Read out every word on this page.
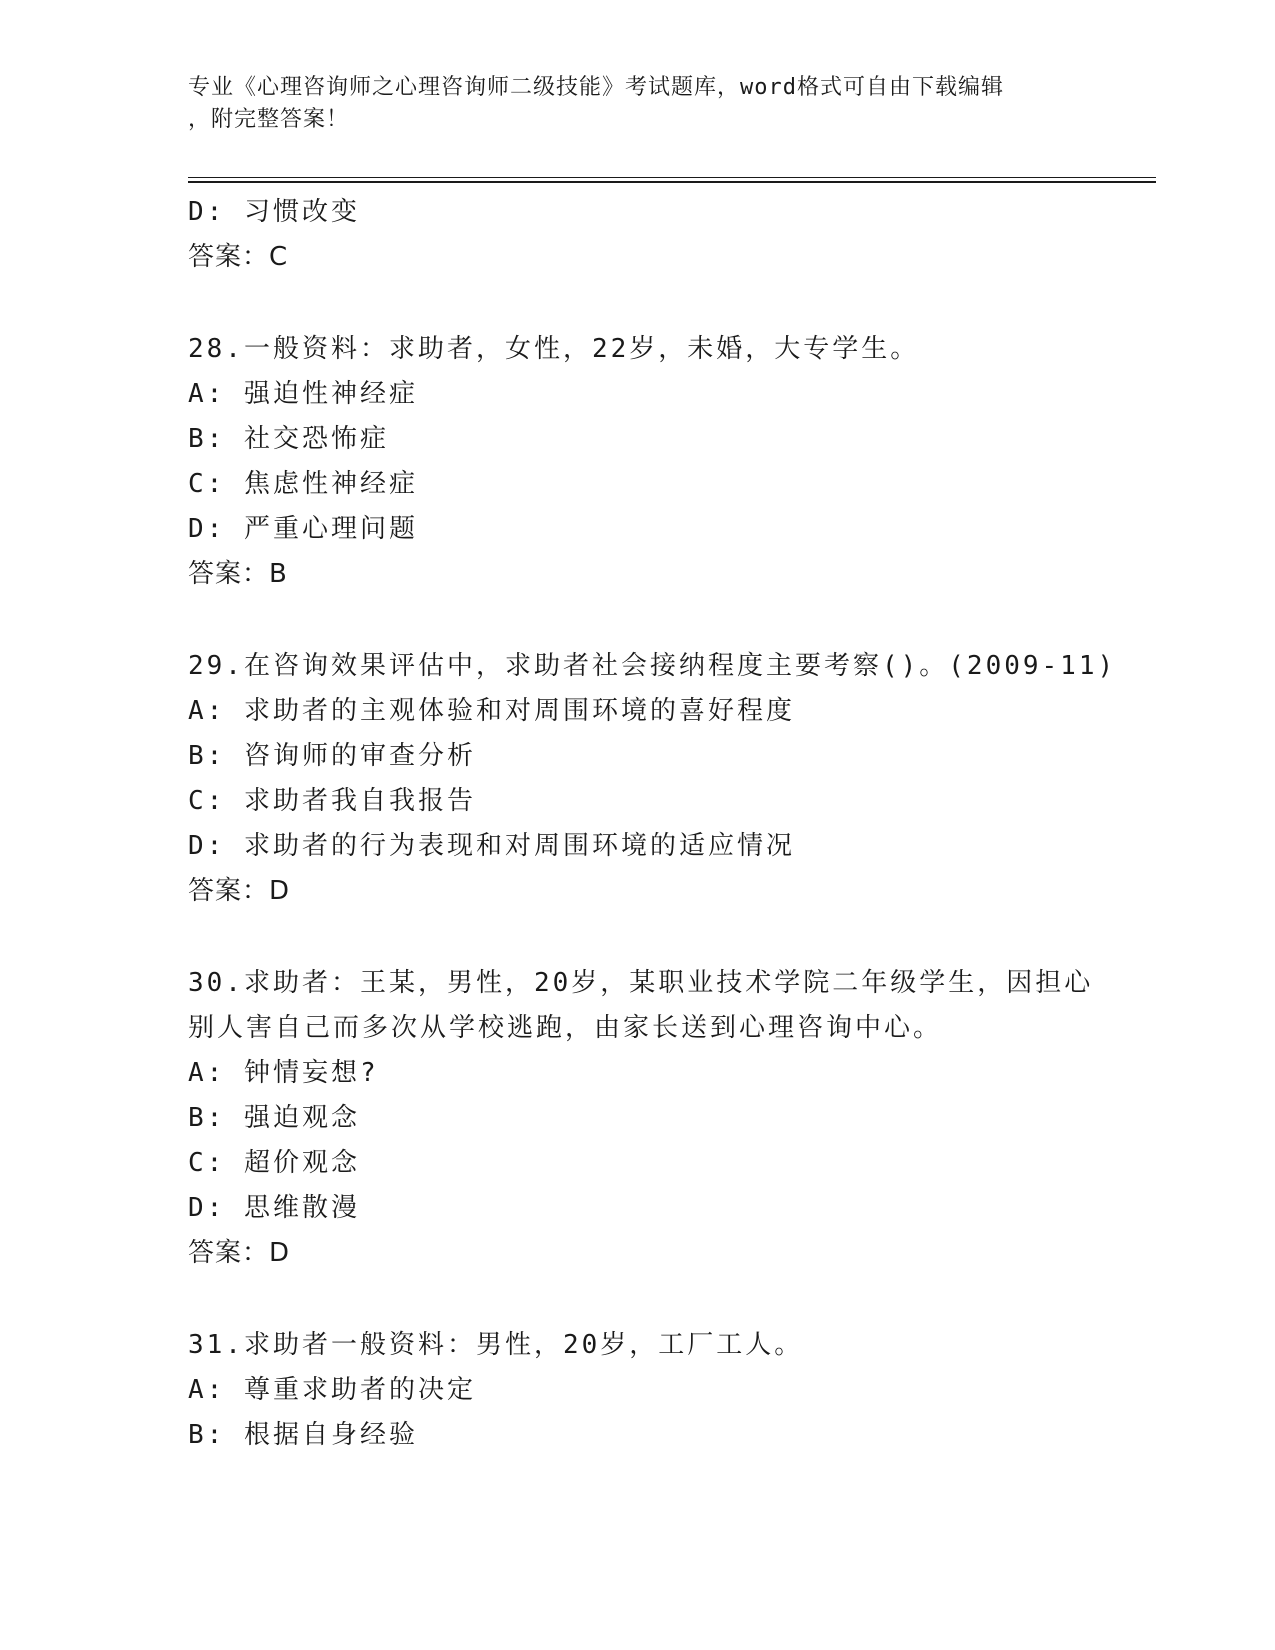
专业《心理咨询师之心理咨询师二级技能》考试题库，word格式可自由下载编辑
，附完整答案！
D: 习惯改变
答案：C
28.一般资料：求助者，女性，22岁，未婚，大专学生。
A: 强迫性神经症
B: 社交恐怖症
C: 焦虑性神经症
D: 严重心理问题
答案：B
29.在咨询效果评估中，求助者社会接纳程度主要考察()。(2009-11)
A: 求助者的主观体验和对周围环境的喜好程度
B: 咨询师的审查分析
C: 求助者我自我报告
D: 求助者的行为表现和对周围环境的适应情况
答案：D
30.求助者：王某，男性，20岁，某职业技术学院二年级学生，因担心
别人害自己而多次从学校逃跑，由家长送到心理咨询中心。
A: 钟情妄想?
B: 强迫观念
C: 超价观念
D: 思维散漫
答案：D
31.求助者一般资料：男性，20岁，工厂工人。
A: 尊重求助者的决定
B: 根据自身经验
